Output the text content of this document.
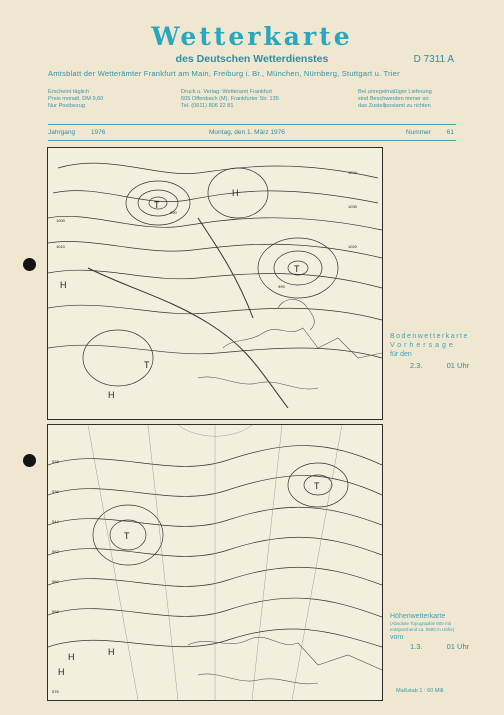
Wetterkarte
des Deutschen Wetterdienstes	D 7311 A
Amtsblatt der Wetterämter Frankfurt am Main, Freiburg i. Br., München, Nürnberg, Stuttgart u. Trier
Erscheint täglich
Preis monatl. DM 9,60
Nur Postbezug
Druck u. Verlag: Wetteramt Frankfurt
605 Offenbach (M), Frankfurter Str. 135
Tel. (0611) 806 22 81
Bei unregelmäßiger Lieferung
sind Beschwerden immer an
das Zustellpostamt zu richten
Jahrgang 1976	Montag, den 1. März 1976	Nummer 61
H
H
T
T
T
H
1040
1030
1020
1010
1000
995
990
Bodenwetterkarte
Vorhersage
für den
2.3.	01 Uhr
H
T
T
H
H
528
536
544
552
560
568
576
Höhenwetterkarte
(Absolute Topographie 500 mb
entsprechend ca. 5500 m Höhe)
vom
1.3.	01 Uhr
Maßstab 1 : 60 Mill.
